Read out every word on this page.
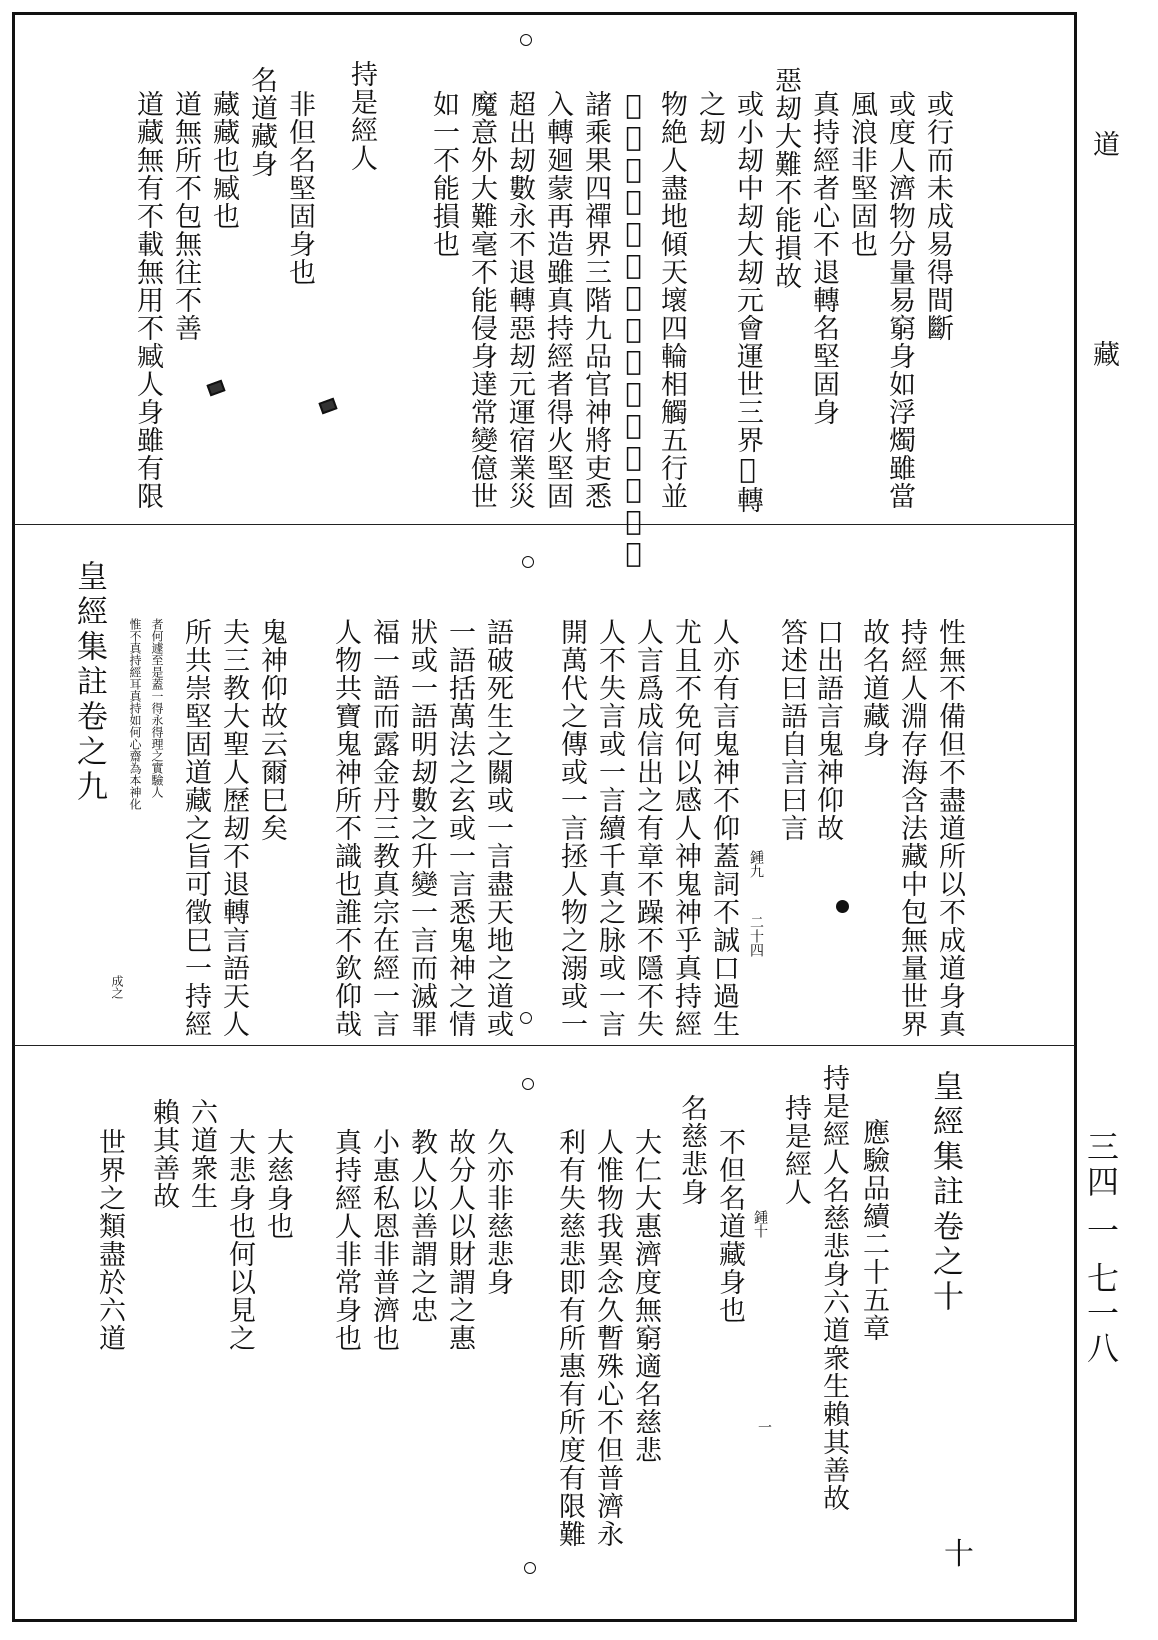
道
藏
三四 一 七一八
或行而未成易得間斷
或度人濟物分量易窮身如浮燭雖當
風浪非堅固也
真持經者心不退轉名堅固身
惡刼大難不能損故
或小刼中刼大刼元會運世三界𢧐轉
之刼
物絶人盡地傾天壞四輪相觸五行並
𧼈水火風災侵壞世界萬象空諸法盡
諸乘果四禪界三階九品官神將吏悉
入轉廻蒙再造雖真持經者得火堅固
超出刼數永不退轉惡刼元運宿業災
魔意外大難毫不能侵身達常變億世
如一不能損也
持是經人
非但名堅固身也
名道藏身
藏藏也臧也
道無所不包無往不善
道藏無有不載無用不臧人身雖有限
性無不備但不盡道所以不成道身真
持經人淵存海含法藏中包無量世界
故名道藏身
口出語言鬼神仰故
答述曰語自言曰言
鍾九
二十四
人亦有言鬼神不仰蓋詞不誠口過生
尤且不免何以感人神鬼神乎真持經
人言爲成信出之有章不躁不隱不失
人不失言或一言續千真之脉或一言
開萬代之傳或一言拯人物之溺或一
語破死生之關或一言盡天地之道或
一語括萬法之玄或一言悉鬼神之情
狀或一語明刼數之升變一言而滅罪
福一語而露金丹三教真宗在經一言
人物共寶鬼神所不識也誰不欽仰哉
鬼神仰故云爾巳矣
夫三教大聖人歷刼不退轉言語天人
所共崇堅固道藏之旨可徵巳一持經
者何遽至是蓋一得永得理之實驗人
惟不真持經耳真持如何心齋為本神化
成之
皇經集註卷之九
皇經集註卷之十
應驗品續二十五章
持是經人名慈悲身六道衆生賴其善故
持是經人
不但名道藏身也 鍾十
一
名慈悲身
大仁大惠濟度無窮適名慈悲
人惟物我異念久暫殊心不但普濟永
利有失慈悲即有所惠有所度有限難
久亦非慈悲身
故分人以財謂之惠
教人以善謂之忠
小惠私恩非普濟也
真持經人非常身也
大慈身也
大悲身也何以見之
六道衆生
賴其善故
世界之類盡於六道
十
